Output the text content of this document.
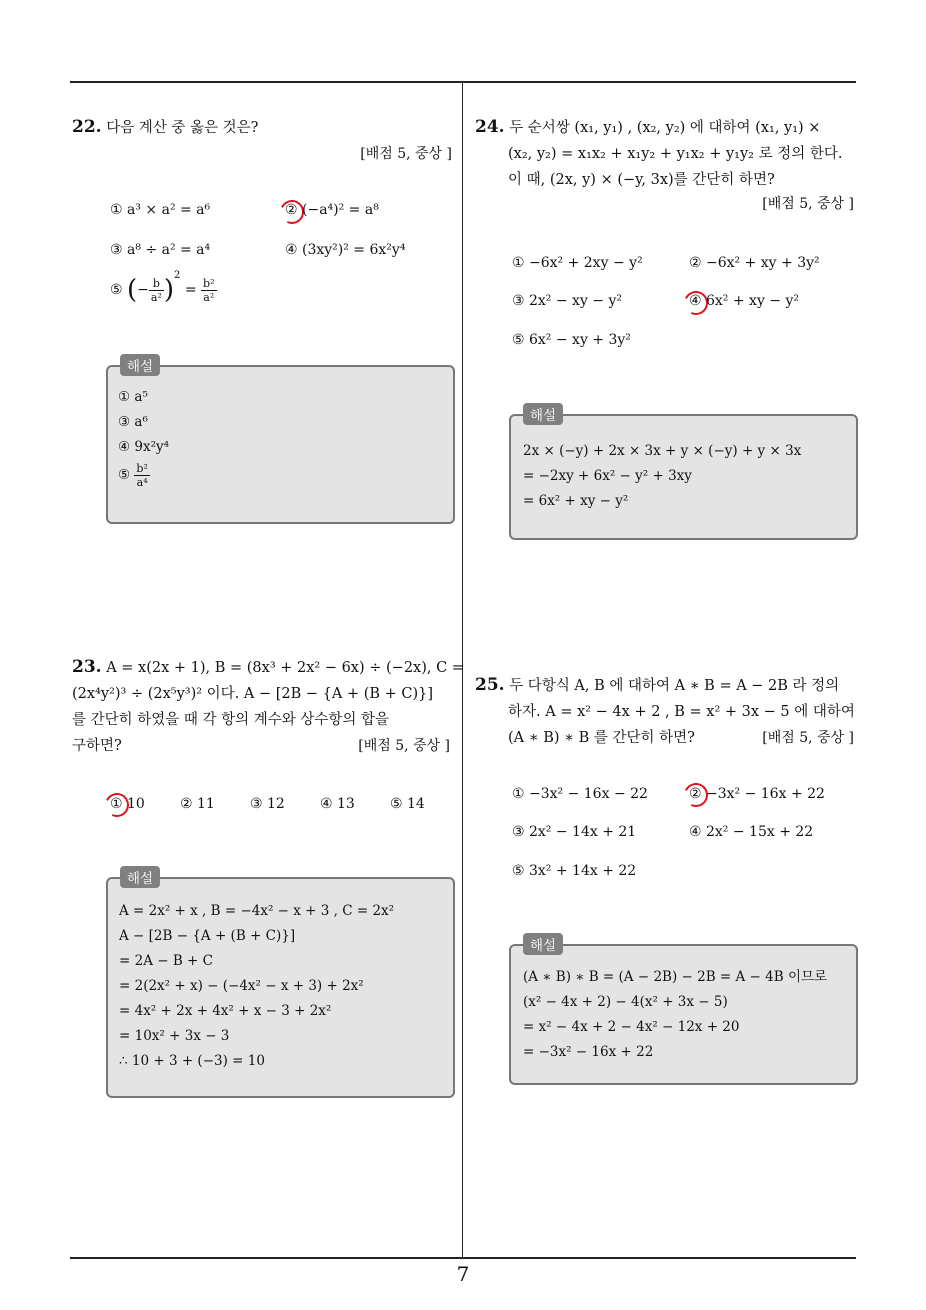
22. 다음 계산 중 옳은 것은?
[배점 5, 중상 ]
① a³ × a² = a⁶	② (−a⁴)² = a⁸
③ a⁸ ÷ a² = a⁴	④ (3xy²)² = 6x²y⁴
⑤ (− $\frac{b}{\text{a²}} )^2 = \frac{\text{b²}}{\text{a²}}$
해설
① a⁵
③ a⁶
④ 9x²y⁴
⑤ $\frac{\text{b²}}{\text{a⁴}}$
23. A = x(2x + 1), B = (8x³ + 2x² − 6x) ÷ (−2x), C =
(2x⁴y²)³ ÷ (2x⁵y³)² 이다. A − [2B − {A + (B + C)}]
를 간단히 하였을 때 각 항의 계수와 상수항의 합을
구하면?	[배점 5, 중상 ]
① 10	② 11	③ 12	④ 13	⑤ 14
해설
A = 2x² + x , B = −4x² − x + 3 , C = 2x²
A − [2B − {A + (B + C)}]
= 2A − B + C
= 2(2x² + x) − (−4x² − x + 3) + 2x²
= 4x² + 2x + 4x² + x − 3 + 2x²
= 10x² + 3x − 3
∴ 10 + 3 + (−3) = 10
24. 두 순서쌍 (x₁, y₁) , (x₂, y₂) 에 대하여 (x₁, y₁) ×
(x₂, y₂) = x₁x₂ + x₁y₂ + y₁x₂ + y₁y₂ 로 정의 한다.
이 때, (2x, y) × (−y, 3x)를 간단히 하면?
[배점 5, 중상 ]
① −6x² + 2xy − y²	② −6x² + xy + 3y²
③ 2x² − xy − y²	④ 6x² + xy − y²
⑤ 6x² − xy + 3y²
해설
2x × (−y) + 2x × 3x + y × (−y) + y × 3x
= −2xy + 6x² − y² + 3xy
= 6x² + xy − y²
25. 두 다항식 A, B 에 대하여 A ∗ B = A − 2B 라 정의
하자. A = x² − 4x + 2 , B = x² + 3x − 5 에 대하여
(A ∗ B) ∗ B 를 간단히 하면?	[배점 5, 중상 ]
① −3x² − 16x − 22	② −3x² − 16x + 22
③ 2x² − 14x + 21	④ 2x² − 15x + 22
⑤ 3x² + 14x + 22
해설
(A ∗ B) ∗ B = (A − 2B) − 2B = A − 4B 이므로
(x² − 4x + 2) − 4(x² + 3x − 5)
= x² − 4x + 2 − 4x² − 12x + 20
= −3x² − 16x + 22
7
